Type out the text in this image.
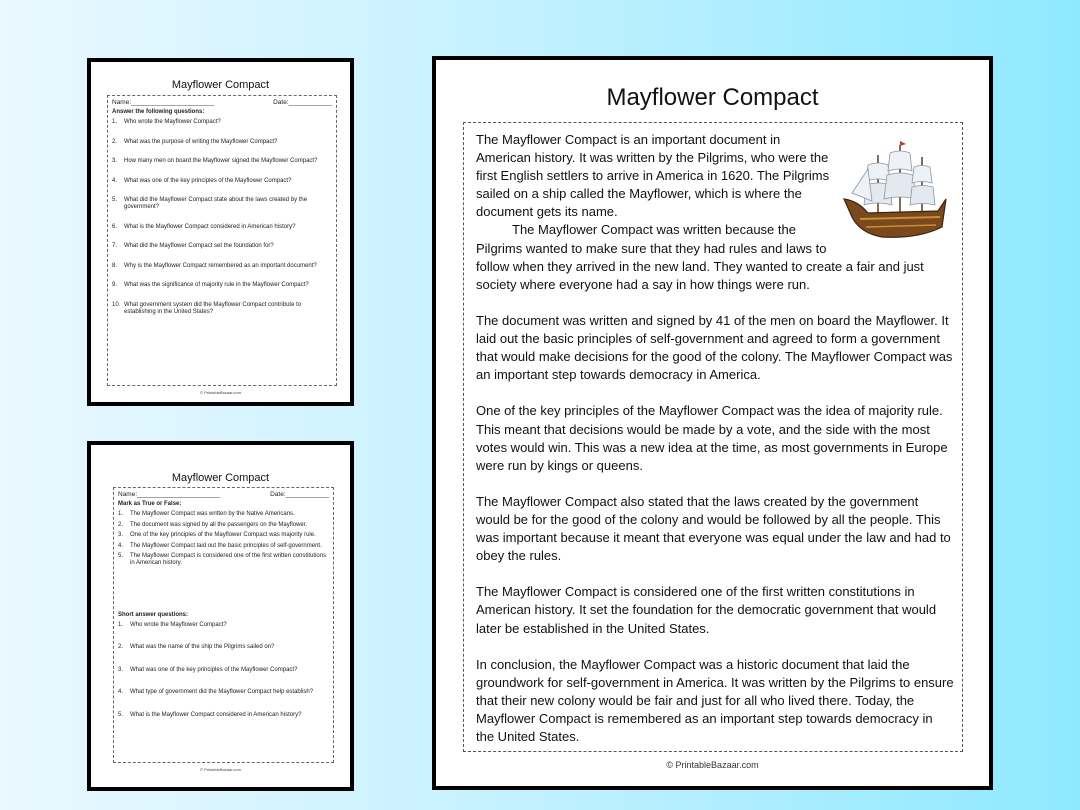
Mayflower Compact
Name:_______________________	Date:____________
Answer the following questions:
1.	Who wrote the Mayflower Compact?
2.	What was the purpose of writing the Mayflower Compact?
3.	How many men on board the Mayflower signed the Mayflower Compact?
4.	What was one of the key principles of the Mayflower Compact?
5.	What did the Mayflower Compact state about the laws created by the government?
6.	What is the Mayflower Compact considered in American history?
7.	What did the Mayflower Compact set the foundation for?
8.	Why is the Mayflower Compact remembered as an important document?
9.	What was the significance of majority rule in the Mayflower Compact?
10. What government system did the Mayflower Compact contribute to establishing in the United States?
© PrintableBazaar.com
Mayflower Compact
Name:_______________________	Date:____________
Mark as True or False:
1.	The Mayflower Compact was written by the Native Americans.
2.	The document was signed by all the passengers on the Mayflower.
3.	One of the key principles of the Mayflower Compact was majority rule.
4.	The Mayflower Compact laid out the basic principles of self-government.
5.	The Mayflower Compact is considered one of the first written constitutions in American history.
Short answer questions:
1.	Who wrote the Mayflower Compact?
2.	What was the name of the ship the Pilgrims sailed on?
3.	What was one of the key principles of the Mayflower Compact?
4.	What type of government did the Mayflower Compact help establish?
5.	What is the Mayflower Compact considered in American history?
© PrintableBazaar.com
Mayflower Compact

The Mayflower Compact is an important document in American history. It was written by the Pilgrims, who were the first English settlers to arrive in America in 1620. The Pilgrims sailed on a ship called the Mayflower, which is where the document gets its name.

The Mayflower Compact was written because the Pilgrims wanted to make sure that they had rules and laws to follow when they arrived in the new land. They wanted to create a fair and just society where everyone had a say in how things were run.

The document was written and signed by 41 of the men on board the Mayflower. It laid out the basic principles of self-government and agreed to form a government that would make decisions for the good of the colony. The Mayflower Compact was an important step towards democracy in America.

One of the key principles of the Mayflower Compact was the idea of majority rule. This meant that decisions would be made by a vote, and the side with the most votes would win. This was a new idea at the time, as most governments in Europe were run by kings or queens.

The Mayflower Compact also stated that the laws created by the government would be for the good of the colony and would be followed by all the people. This was important because it meant that everyone was equal under the law and had to obey the rules.

The Mayflower Compact is considered one of the first written constitutions in American history. It set the foundation for the democratic government that would later be established in the United States.

In conclusion, the Mayflower Compact was a historic document that laid the groundwork for self-government in America. It was written by the Pilgrims to ensure that their new colony would be fair and just for all who lived there. Today, the Mayflower Compact is remembered as an important step towards democracy in the United States.

© PrintableBazaar.com
